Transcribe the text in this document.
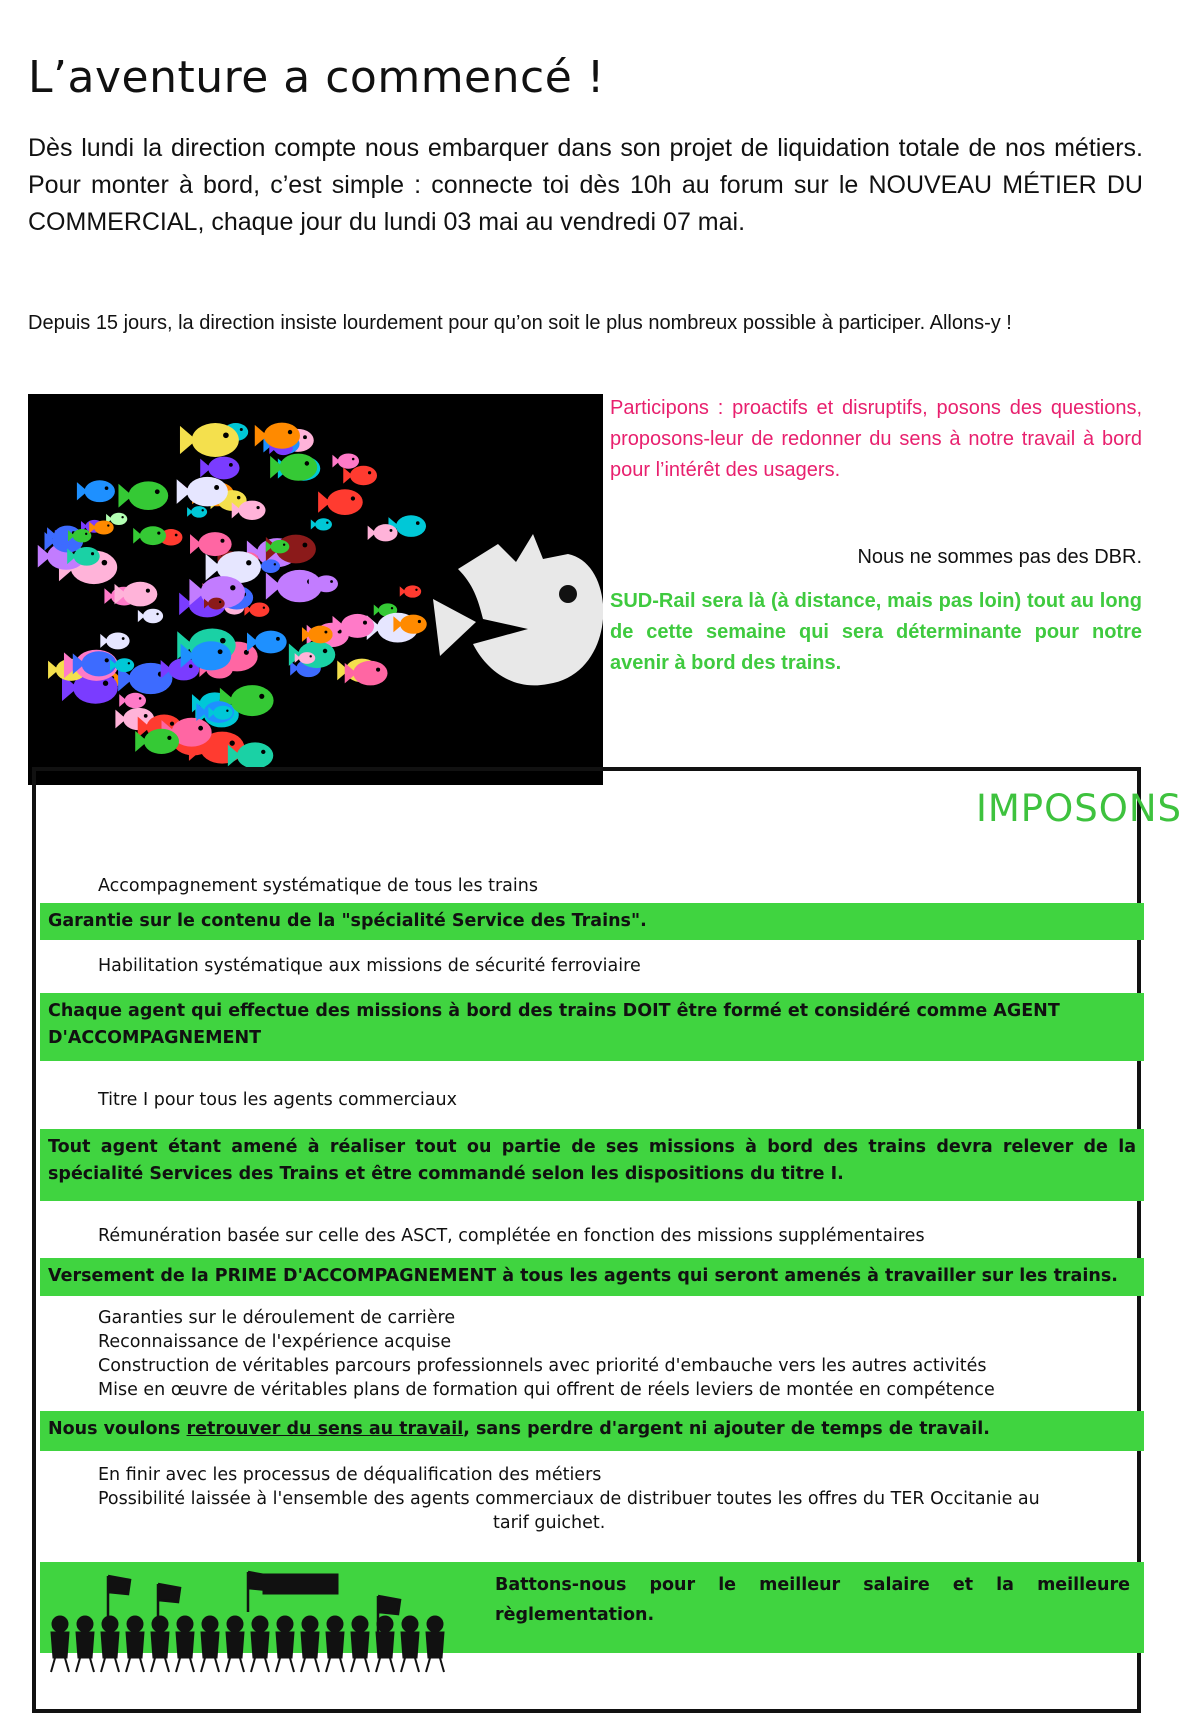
L’aventure a commencé !

Dès lundi la direction compte nous embarquer dans son projet de liquidation totale de nos métiers. Pour monter à bord, c’est simple : connecte toi dès 10h au forum sur le NOUVEAU MÉTIER DU COMMERCIAL, chaque jour du lundi 03 mai au vendredi 07 mai.

Depuis 15 jours, la direction insiste lourdement pour qu’on soit le plus nombreux possible à participer. Allons-y !

Participons : proactifs et disruptifs, posons des questions, proposons-leur de redonner du sens à notre travail à bord pour l’intérêt des usagers.
Nous ne sommes pas des DBR.
SUD-Rail sera là (à distance, mais pas loin) tout au long de cette semaine qui sera déterminante pour notre avenir à bord des trains.
IMPOSONS
Accompagnement systématique de tous les trains
Garantie sur le contenu de la "spécialité Service des Trains".
Habilitation systématique aux missions de sécurité ferroviaire
Chaque agent qui effectue des missions à bord des trains DOIT être formé et considéré comme AGENT D'ACCOMPAGNEMENT
Titre I pour tous les agents commerciaux
Tout agent étant amené à réaliser tout ou partie de ses missions à bord des trains devra relever de la spécialité Services des Trains et être commandé selon les dispositions du titre I.
Rémunération basée sur celle des ASCT, complétée en fonction des missions supplémentaires
Versement de la PRIME D'ACCOMPAGNEMENT à tous les agents qui seront amenés à travailler sur les trains.
Garanties sur le déroulement de carrière
Reconnaissance de l'expérience acquise
Construction de véritables parcours professionnels avec priorité d'embauche vers les autres activités
Mise en œuvre de véritables plans de formation qui offrent de réels leviers de montée en compétence
Nous voulons retrouver du sens au travail, sans perdre d'argent ni ajouter de temps de travail.
En finir avec les processus de déqualification des métiers
Possibilité laissée à l'ensemble des agents commerciaux de distribuer toutes les offres du TER Occitanie au
tarif guichet.
Battons-nous pour le meilleur salaire et la meilleure règlementation.
